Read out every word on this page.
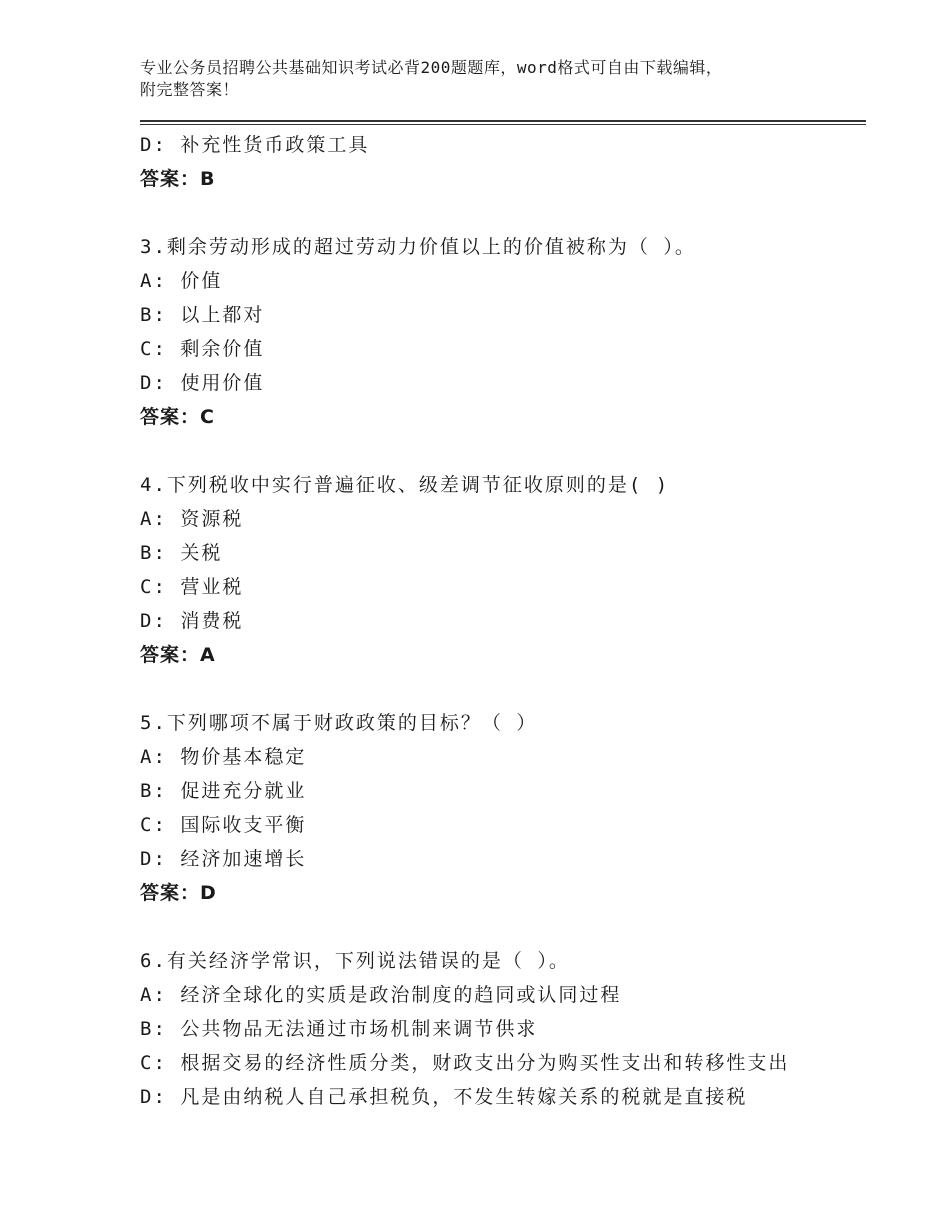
专业公务员招聘公共基础知识考试必背200题题库，word格式可自由下载编辑，
附完整答案！
D: 补充性货币政策工具
答案：B
3.剩余劳动形成的超过劳动力价值以上的价值被称为（ ）。
A: 价值
B: 以上都对
C: 剩余价值
D: 使用价值
答案：C
4.下列税收中实行普遍征收、级差调节征收原则的是( )
A: 资源税
B: 关税
C: 营业税
D: 消费税
答案：A
5.下列哪项不属于财政政策的目标？（ ）
A: 物价基本稳定
B: 促进充分就业
C: 国际收支平衡
D: 经济加速增长
答案：D
6.有关经济学常识，下列说法错误的是（ ）。
A: 经济全球化的实质是政治制度的趋同或认同过程
B: 公共物品无法通过市场机制来调节供求
C: 根据交易的经济性质分类，财政支出分为购买性支出和转移性支出
D: 凡是由纳税人自己承担税负，不发生转嫁关系的税就是直接税
